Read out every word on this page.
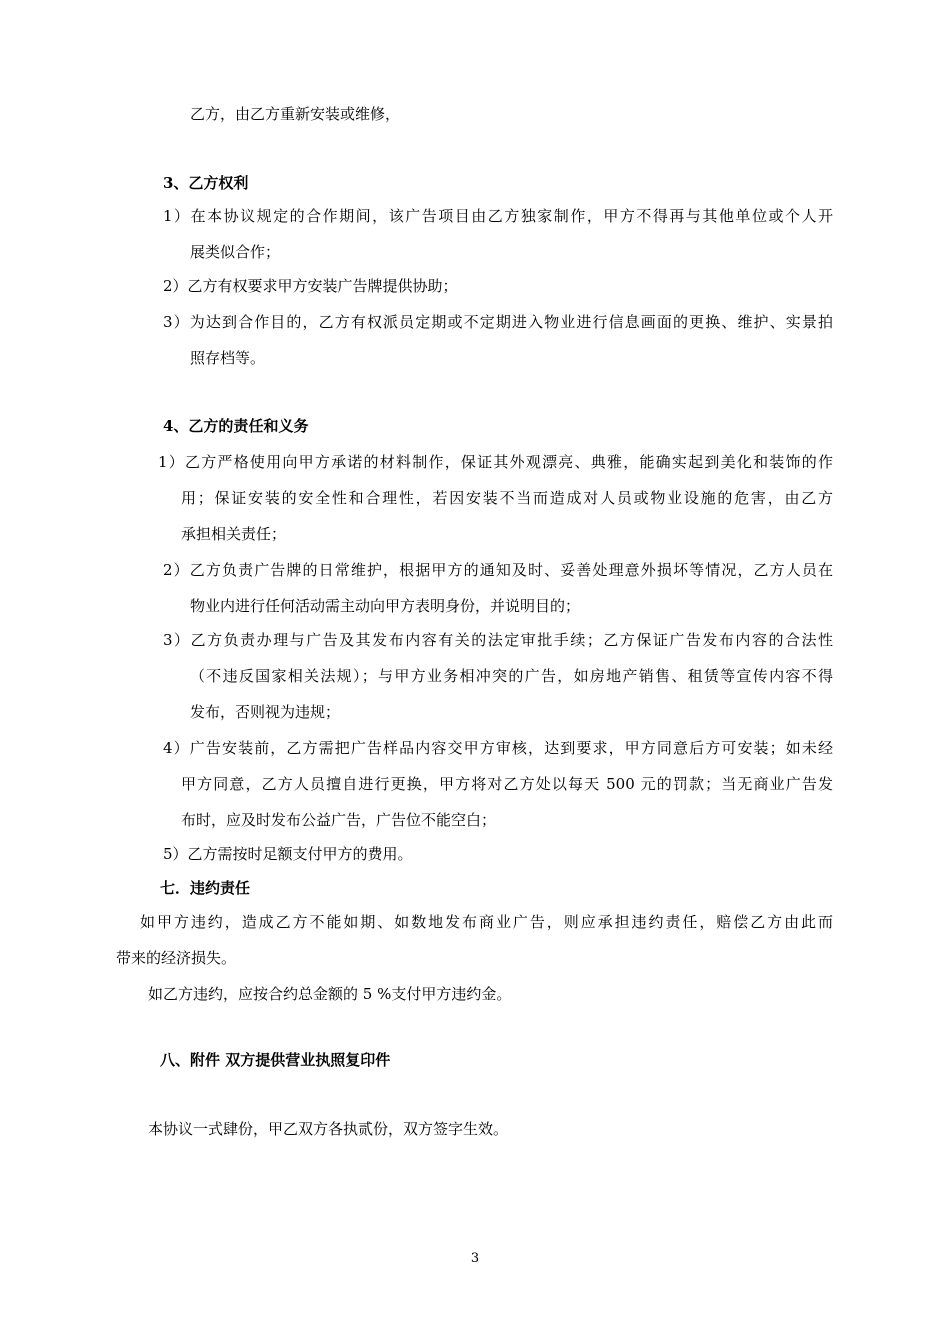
乙方，由乙方重新安装或维修，
3、乙方权利
1）在本协议规定的合作期间，该广告项目由乙方独家制作，甲方不得再与其他单位或个人开
展类似合作；
2）乙方有权要求甲方安装广告牌提供协助；
3）为达到合作目的，乙方有权派员定期或不定期进入物业进行信息画面的更换、维护、实景拍
照存档等。
4、乙方的责任和义务
1）乙方严格使用向甲方承诺的材料制作，保证其外观漂亮、典雅，能确实起到美化和装饰的作
用；保证安装的安全性和合理性，若因安装不当而造成对人员或物业设施的危害，由乙方
承担相关责任；
2）乙方负责广告牌的日常维护，根据甲方的通知及时、妥善处理意外损坏等情况，乙方人员在
物业内进行任何活动需主动向甲方表明身份，并说明目的；
3）乙方负责办理与广告及其发布内容有关的法定审批手续；乙方保证广告发布内容的合法性
（不违反国家相关法规）；与甲方业务相冲突的广告，如房地产销售、租赁等宣传内容不得
发布，否则视为违规；
4）广告安装前，乙方需把广告样品内容交甲方审核，达到要求，甲方同意后方可安装；如未经
甲方同意，乙方人员擅自进行更换，甲方将对乙方处以每天 500 元的罚款；当无商业广告发
布时，应及时发布公益广告，广告位不能空白；
5）乙方需按时足额支付甲方的费用。
七．违约责任
如甲方违约，造成乙方不能如期、如数地发布商业广告，则应承担违约责任，赔偿乙方由此而
带来的经济损失。
如乙方违约，应按合约总金额的 5 %支付甲方违约金。
八、附件 双方提供营业执照复印件
本协议一式肆份，甲乙双方各执贰份，双方签字生效。
3
